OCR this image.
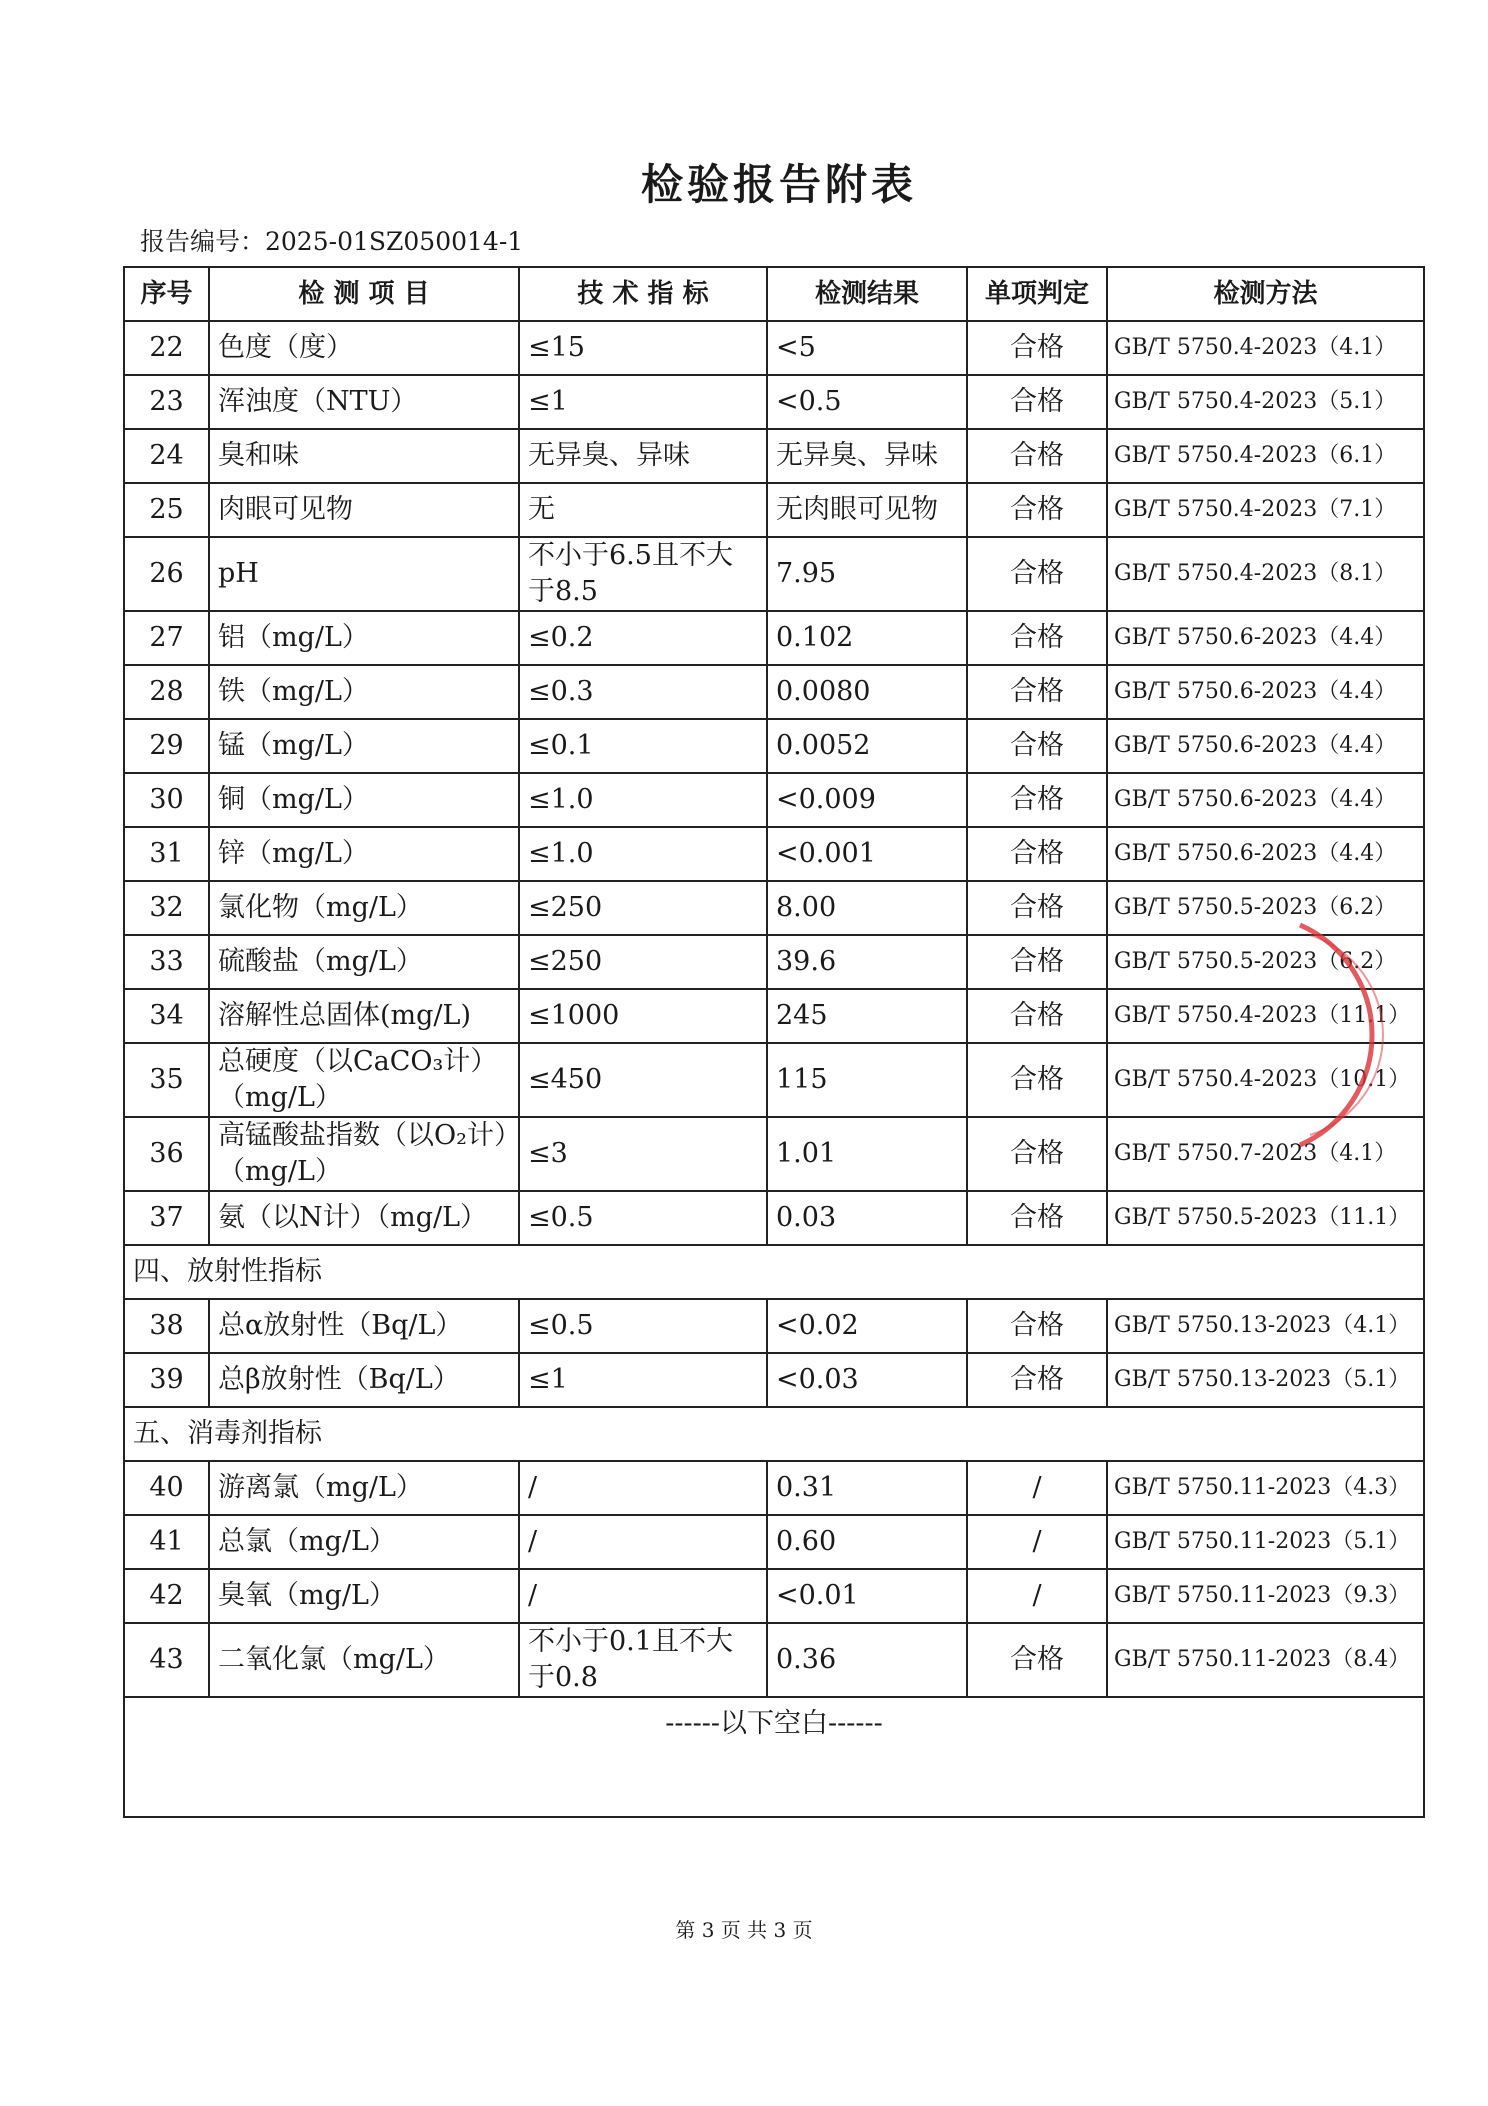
检验报告附表
报告编号：2025-01SZ050014-1
序号	检 测 项 目	技 术 指 标	检测结果	单项判定	检测方法
22	色度（度）	≤15	<5	合格	GB/T 5750.4-2023（4.1）
23	浑浊度（NTU）	≤1	<0.5	合格	GB/T 5750.4-2023（5.1）
24	臭和味	无异臭、异味	无异臭、异味	合格	GB/T 5750.4-2023（6.1）
25	肉眼可见物	无	无肉眼可见物	合格	GB/T 5750.4-2023（7.1）
26	pH	不小于6.5且不大于8.5	7.95	合格	GB/T 5750.4-2023（8.1）
27	铝（mg/L）	≤0.2	0.102	合格	GB/T 5750.6-2023（4.4）
28	铁（mg/L）	≤0.3	0.0080	合格	GB/T 5750.6-2023（4.4）
29	锰（mg/L）	≤0.1	0.0052	合格	GB/T 5750.6-2023（4.4）
30	铜（mg/L）	≤1.0	<0.009	合格	GB/T 5750.6-2023（4.4）
31	锌（mg/L）	≤1.0	<0.001	合格	GB/T 5750.6-2023（4.4）
32	氯化物（mg/L）	≤250	8.00	合格	GB/T 5750.5-2023（6.2）
33	硫酸盐（mg/L）	≤250	39.6	合格	GB/T 5750.5-2023（6.2）
34	溶解性总固体(mg/L)	≤1000	245	合格	GB/T 5750.4-2023（11.1）
35	总硬度（以CaCO₃计）（mg/L）	≤450	115	合格	GB/T 5750.4-2023（10.1）
36	高锰酸盐指数（以O₂计）（mg/L）	≤3	1.01	合格	GB/T 5750.7-2023（4.1）
37	氨（以N计）（mg/L）	≤0.5	0.03	合格	GB/T 5750.5-2023（11.1）
四、放射性指标					
38	总α放射性（Bq/L）	≤0.5	<0.02	合格	GB/T 5750.13-2023（4.1）
39	总β放射性（Bq/L）	≤1	<0.03	合格	GB/T 5750.13-2023（5.1）
五、消毒剂指标					
40	游离氯（mg/L）	/	0.31	/	GB/T 5750.11-2023（4.3）
41	总氯（mg/L）	/	0.60	/	GB/T 5750.11-2023（5.1）
42	臭氧（mg/L）	/	<0.01	/	GB/T 5750.11-2023（9.3）
43	二氧化氯（mg/L）	不小于0.1且不大于0.8	0.36	合格	GB/T 5750.11-2023（8.4）
------以下空白------					
第 3 页 共 3 页
